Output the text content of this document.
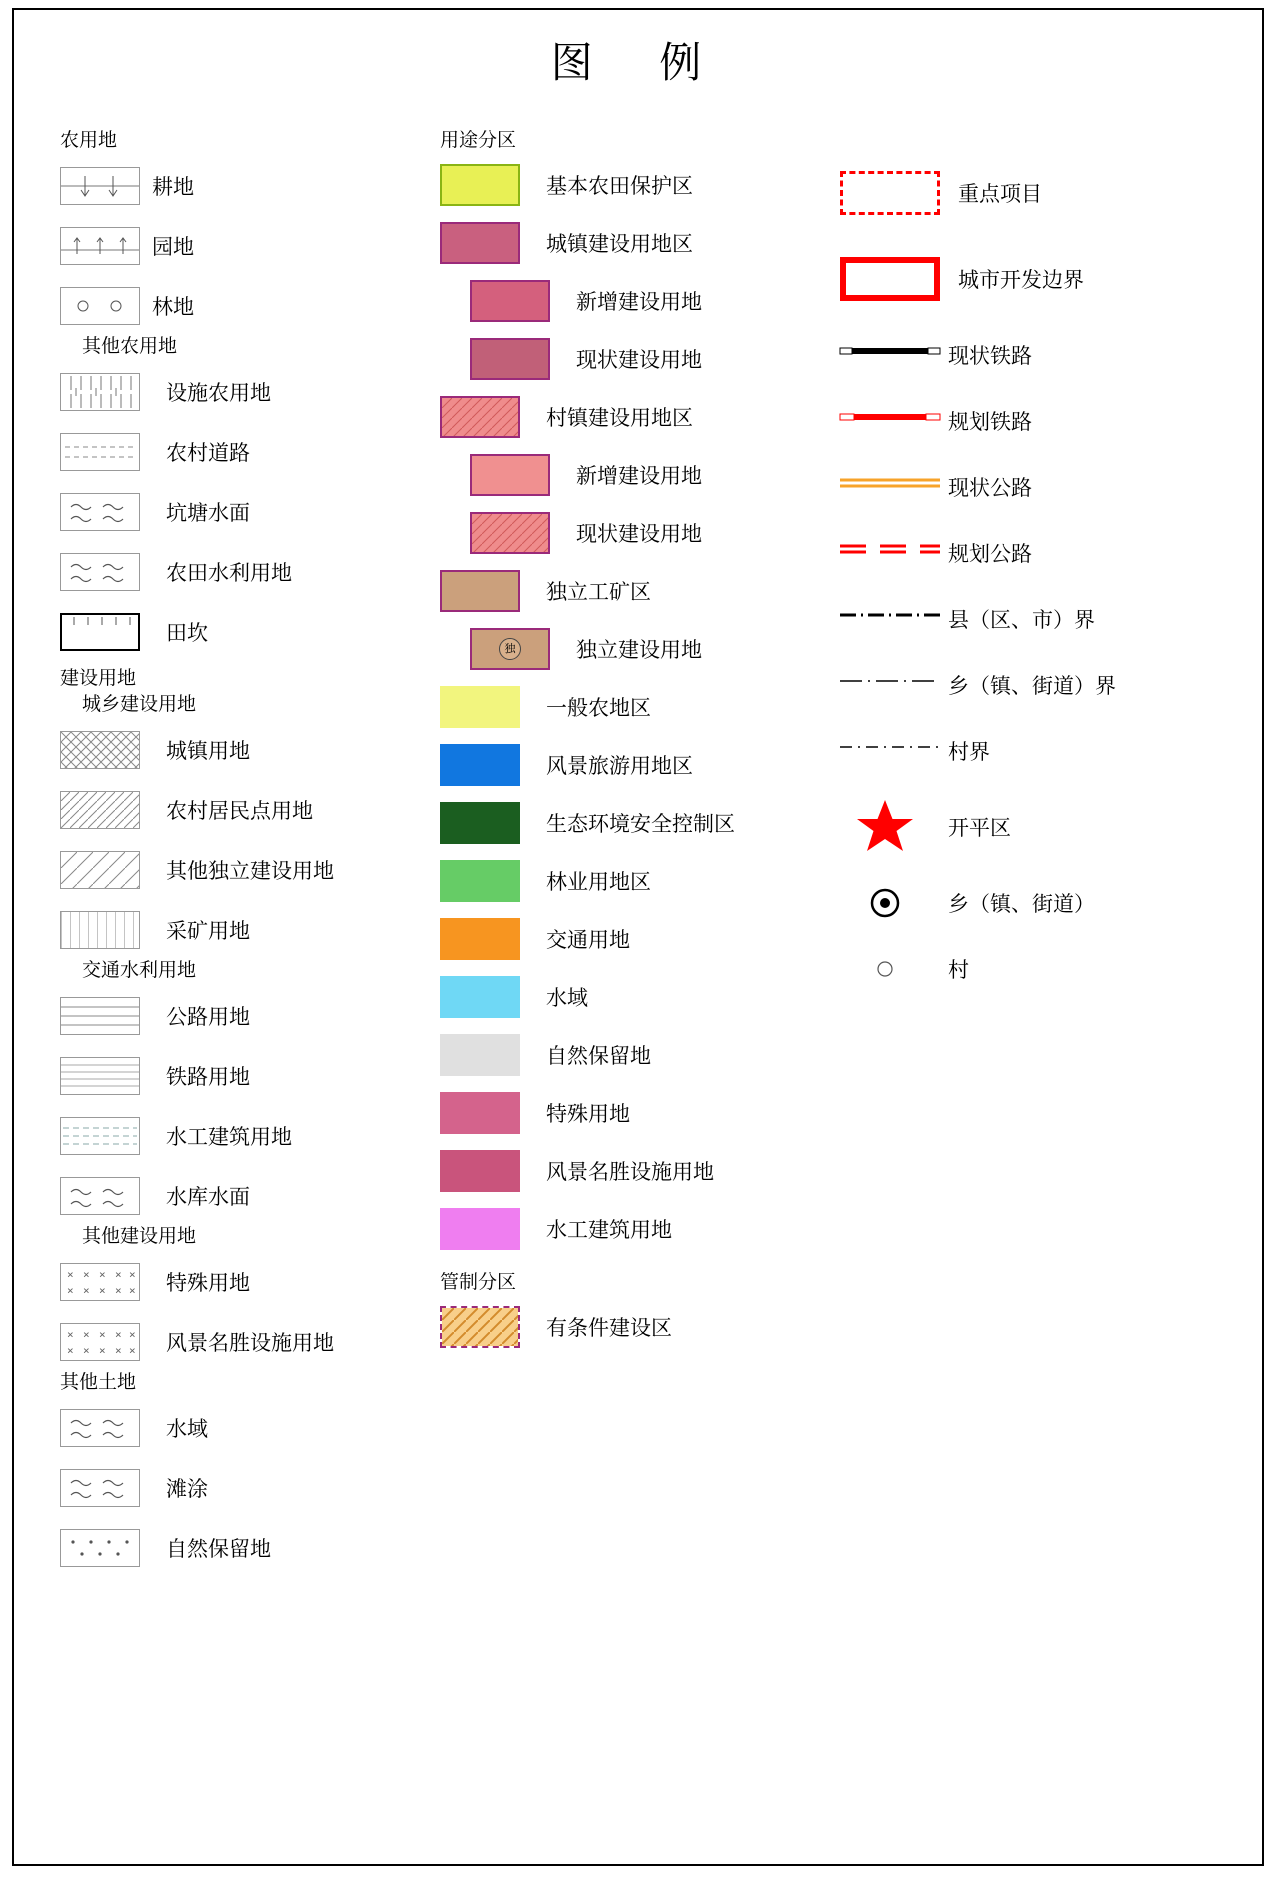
图 例
农用地
耕地
园地
林地
其他农用地
设施农用地
农村道路
坑塘水面
农田水利用地
田坎
建设用地
城乡建设用地
城镇用地
农村居民点用地
其他独立建设用地
采矿用地
交通水利用地
公路用地
铁路用地
水工建筑用地
水库水面
其他建设用地
× × × × ×
× × × × × 特殊用地
× × × × ×
× × × × × 风景名胜设施用地
其他土地
水域
滩涂
自然保留地
用途分区
基本农田保护区
城镇建设用地区
新增建设用地
现状建设用地
村镇建设用地区
新增建设用地
现状建设用地
独立工矿区
独	独立建设用地
一般农地区
风景旅游用地区
生态环境安全控制区
林业用地区
交通用地
水域
自然保留地
特殊用地
风景名胜设施用地
水工建筑用地
管制分区
有条件建设区
重点项目
城市开发边界
现状铁路
规划铁路
现状公路
规划公路
县（区、市）界
乡（镇、街道）界
村界
开平区
乡（镇、街道）
村
